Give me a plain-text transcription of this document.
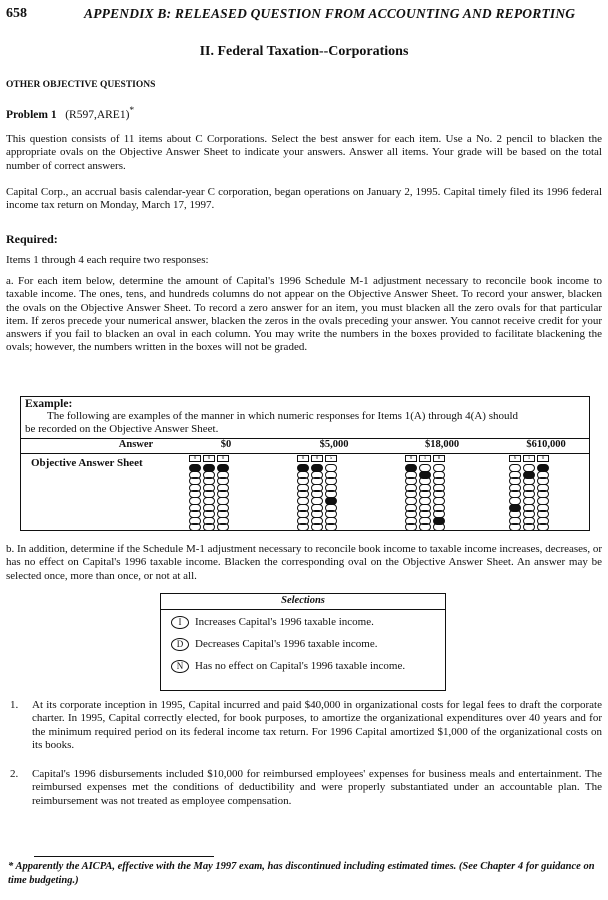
658	APPENDIX B: RELEASED QUESTION FROM ACCOUNTING AND REPORTING
II. Federal Taxation--Corporations
OTHER OBJECTIVE QUESTIONS
Problem 1 (R597,ARE1)*
This question consists of 11 items about C Corporations. Select the best answer for each item. Use a No. 2 pencil to blacken the appropriate ovals on the Objective Answer Sheet to indicate your answers. Answer all items. Your grade will be based on the total number of correct answers.
Capital Corp., an accrual basis calendar-year C corporation, began operations on January 2, 1995. Capital timely filed its 1996 federal income tax return on Monday, March 17, 1997.
Required:
Items 1 through 4 each require two responses:
a. For each item below, determine the amount of Capital's 1996 Schedule M-1 adjustment necessary to reconcile book income to taxable income. The ones, tens, and hundreds columns do not appear on the Objective Answer Sheet. To record your answer, blacken the ovals on the Objective Answer Sheet. To record a zero answer for an item, you must blacken all the zero ovals for that particular item. If zeros precede your numerical answer, blacken the zeros in the ovals preceding your answer. You cannot receive credit for your answers if you fail to blacken an oval in each column. You may write the numbers in the boxes provided to facilitate blackening the ovals; however, the numbers written in the boxes will not be graded.
Example:
The following are examples of the manner in which numeric responses for Items 1(A) through 4(A) should
be recorded on the Objective Answer Sheet.
Answer	$0	$5,000	$18,000	$610,000
Objective Answer Sheet	0	0	0	0	0	5	0	1	8	6	1	0
b. In addition, determine if the Schedule M-1 adjustment necessary to reconcile book income to taxable income increases, decreases, or has no effect on Capital's 1996 taxable income. Blacken the corresponding oval on the Objective Answer Sheet. An answer may be selected once, more than once, or not at all.
Selections
I Increases Capital's 1996 taxable income.
D Decreases Capital's 1996 taxable income.
N Has no effect on Capital's 1996 taxable income.
1. At its corporate inception in 1995, Capital incurred and paid $40,000 in organizational costs for legal fees to draft the corporate charter. In 1995, Capital correctly elected, for book purposes, to amortize the organizational expenditures over 40 years and for the minimum required period on its federal income tax return. For 1996 Capital amortized $1,000 of the organizational costs on its books.
2. Capital's 1996 disbursements included $10,000 for reimbursed employees' expenses for business meals and entertainment. The reimbursed expenses met the conditions of deductibility and were properly substantiated under an accountable plan. The reimbursement was not treated as employee compensation.
* Apparently the AICPA, effective with the May 1997 exam, has discontinued including estimated times. (See Chapter 4 for guidance on time budgeting.)
